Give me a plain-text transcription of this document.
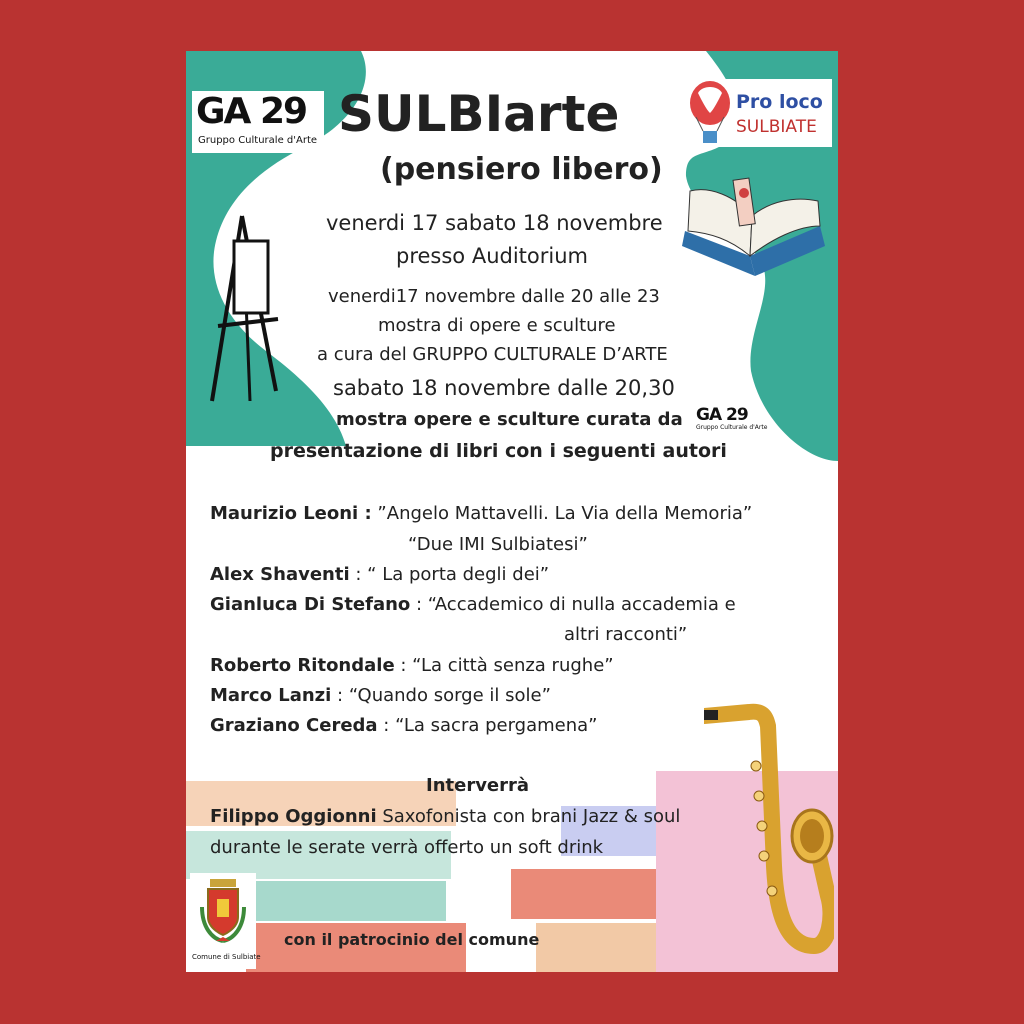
GA 29
Gruppo Culturale d'Arte
Pro loco
SULBIATE
SULBIarte
(pensiero libero)
venerdi 17 sabato 18 novembre
presso Auditorium
venerdi17 novembre dalle 20 alle 23
mostra di opere e sculture
a cura del GRUPPO CULTURALE D’ARTE
sabato 18 novembre dalle 20,30
mostra opere e sculture curata da GA 29
Gruppo Culturale d'Arte
presentazione di libri con i seguenti autori
Maurizio Leoni : ”Angelo Mattavelli. La Via della Memoria”
“Due IMI Sulbiatesi”
Alex Shaventi : “ La porta degli dei”
Gianluca Di Stefano : “Accademico di nulla accademia e
altri racconti”
Roberto Ritondale : “La città senza rughe”
Marco Lanzi : “Quando sorge il sole”
Graziano Cereda : “La sacra pergamena”
Interverrà
Filippo Oggionni Saxofonista con brani Jazz & soul
durante le serate verrà offerto un soft drink
Comune di Sulbiate
con il patrocinio del comune
